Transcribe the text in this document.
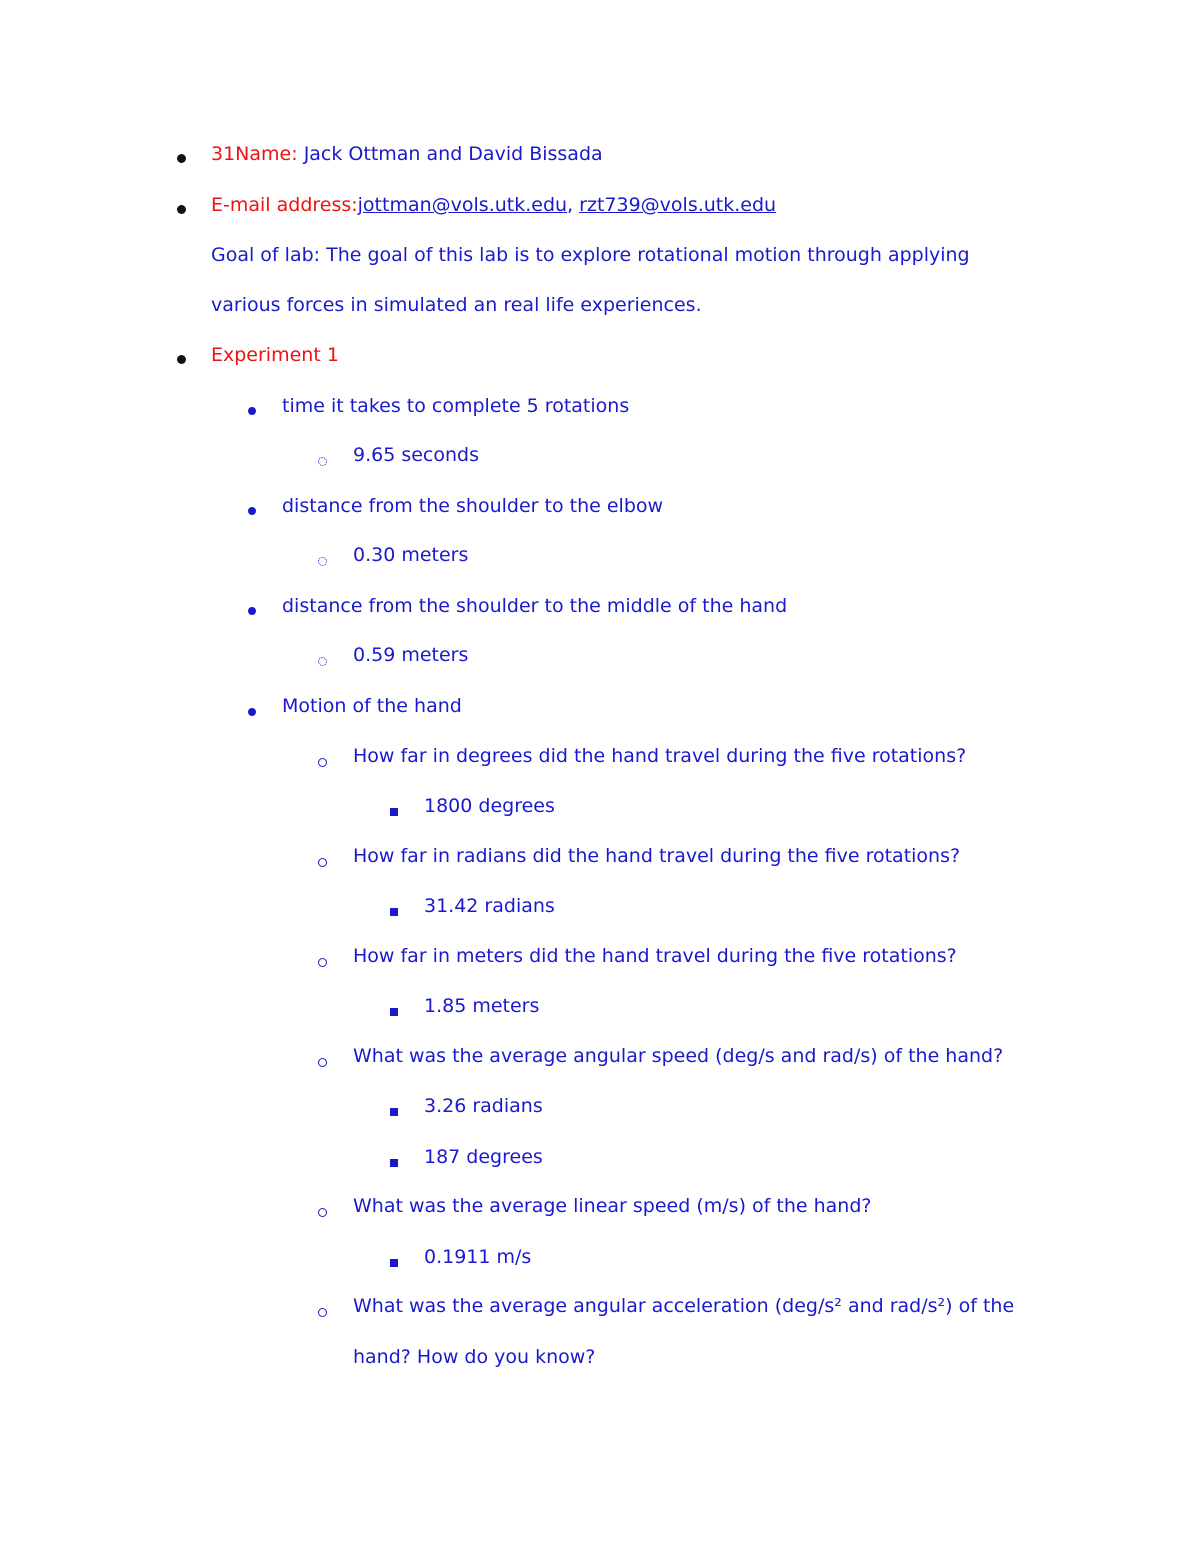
31Name: Jack Ottman and David Bissada
E-mail address:jottman@vols.utk.edu, rzt739@vols.utk.edu
Goal of lab: The goal of this lab is to explore rotational motion through applying
various forces in simulated an real life experiences.
Experiment 1
time it takes to complete 5 rotations
9.65 seconds
distance from the shoulder to the elbow
0.30 meters
distance from the shoulder to the middle of the hand
0.59 meters
Motion of the hand
How far in degrees did the hand travel during the five rotations?
1800 degrees
How far in radians did the hand travel during the five rotations?
31.42 radians
How far in meters did the hand travel during the five rotations?
1.85 meters
What was the average angular speed (deg/s and rad/s) of the hand?
3.26 radians
187 degrees
What was the average linear speed (m/s) of the hand?
0.1911 m/s
What was the average angular acceleration (deg/s² and rad/s²) of the
hand? How do you know?
